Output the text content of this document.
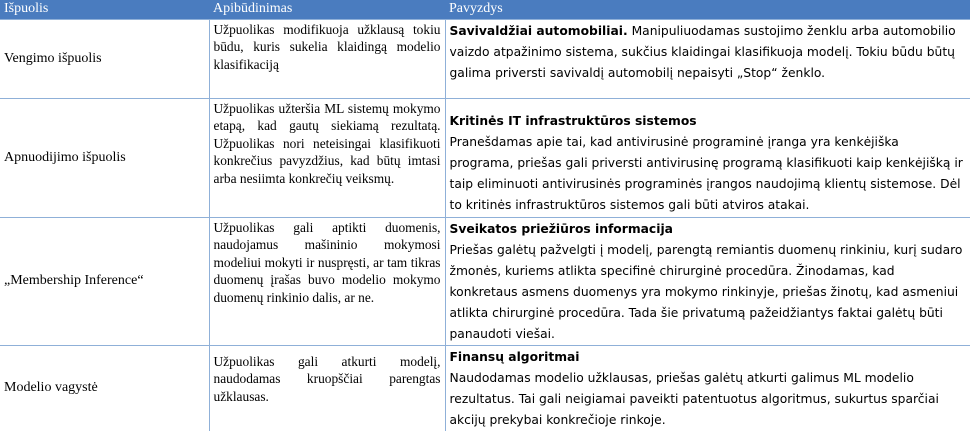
Išpuolis	Apibūdinimas	Pavyzdys
Vengimo išpuolis	Užpuolikas modifikuoja užklausą tokiu būdu, kuris sukelia klaidingą modelio klasifikaciją	Savivaldžiai automobiliai. Manipuliuodamas sustojimo ženklu arba automobilio vaizdo atpažinimo sistema, sukčius klaidingai klasifikuoja modelį. Tokiu būdu būtų galima priversti savivaldį automobilį nepaisyti „Stop“ ženklo.
Apnuodijimo išpuolis	Užpuolikas užteršia ML sistemų mokymo etapą, kad gautų siekiamą rezultatą. Užpuolikas nori neteisingai klasifikuoti konkrečius pavyzdžius, kad būtų imtasi arba nesiimta konkrečių veiksmų.	Kritinės IT infrastruktūros sistemos
Pranešdamas apie tai, kad antivirusinė programinė įranga yra kenkėjiška programa, priešas gali priversti antivirusinę programą klasifikuoti kaip kenkėjišką ir taip eliminuoti antivirusinės programinės įrangos naudojimą klientų sistemose. Dėl to kritinės infrastruktūros sistemos gali būti atviros atakai.

„Membership Inference“	Užpuolikas gali aptikti duomenis, naudojamus mašininio mokymosi modeliui mokyti ir nuspręsti, ar tam tikras duomenų įrašas buvo modelio mokymo duomenų rinkinio dalis, ar ne.	Sveikatos priežiūros informacija
Priešas galėtų pažvelgti į modelį, parengtą remiantis duomenų rinkiniu, kurį sudaro žmonės, kuriems atlikta specifinė chirurginė procedūra. Žinodamas, kad konkretaus asmens duomenys yra mokymo rinkinyje, priešas žinotų, kad asmeniui atlikta chirurginė procedūra. Tada šie privatumą pažeidžiantys faktai galėtų būti panaudoti viešai.

Modelio vagystė	Užpuolikas gali atkurti modelį, naudodamas kruopščiai parengtas užklausas.	Finansų algoritmai
Naudodamas modelio užklausas, priešas galėtų atkurti galimus ML modelio rezultatus. Tai gali neigiamai paveikti patentuotus algoritmus, sukurtus sparčiai akcijų prekybai konkrečioje rinkoje.
